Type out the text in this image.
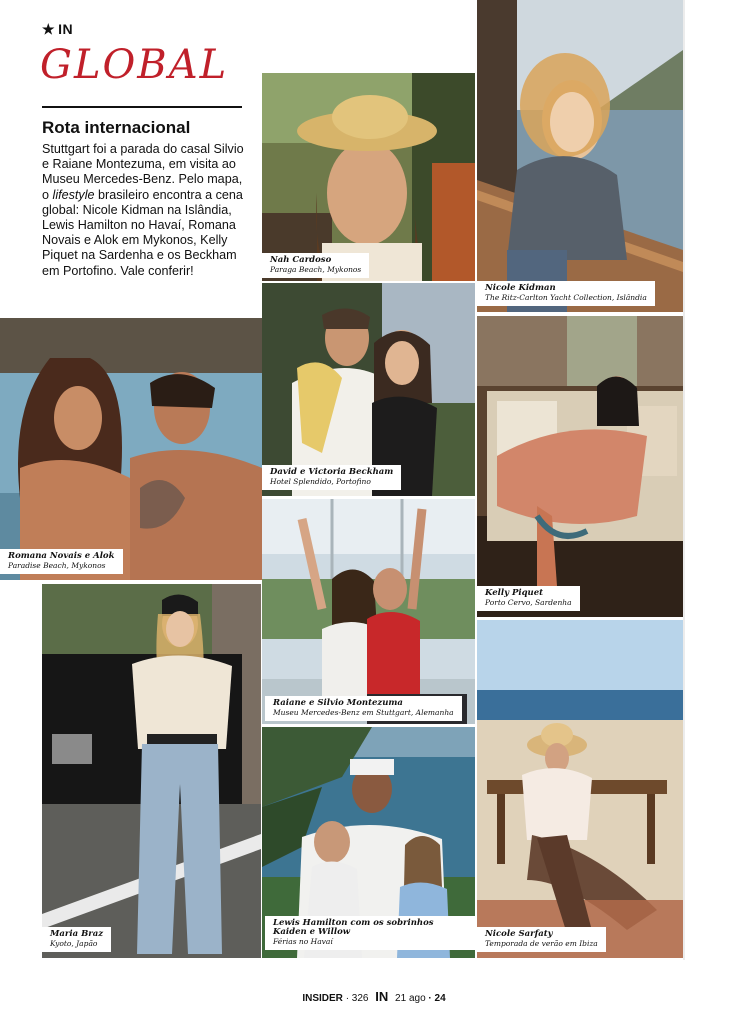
★ IN
GLOBAL
Rota internacional
Stuttgart foi a parada do casal Silvio e Raiane Montezuma, em visita ao Museu Mercedes-Benz. Pelo mapa, o lifestyle brasileiro encontra a cena global: Nicole Kidman na Islândia, Lewis Hamilton no Havaí, Romana Novais e Alok em Mykonos, Kelly Piquet na Sardenha e os Beckham em Portofino. Vale conferir!
Nah Cardoso
Paraga Beach, Mykonos
Nicole Kidman
The Ritz-Carlton Yacht Collection, Islândia
Romana Novais e Alok
Paradise Beach, Mykonos
David e Victoria Beckham
Hotel Splendido, Portofino
Kelly Piquet
Porto Cervo, Sardenha
Raiane e Silvio Montezuma
Museu Mercedes-Benz em Stuttgart, Alemanha
Maria Braz
Kyoto, Japão
Lewis Hamilton com os sobrinhos Kaiden e Willow
Férias no Havaí
Nicole Sarfaty
Temporada de verão em Ibiza
INSIDER · 326 IN 21 ago · 24
